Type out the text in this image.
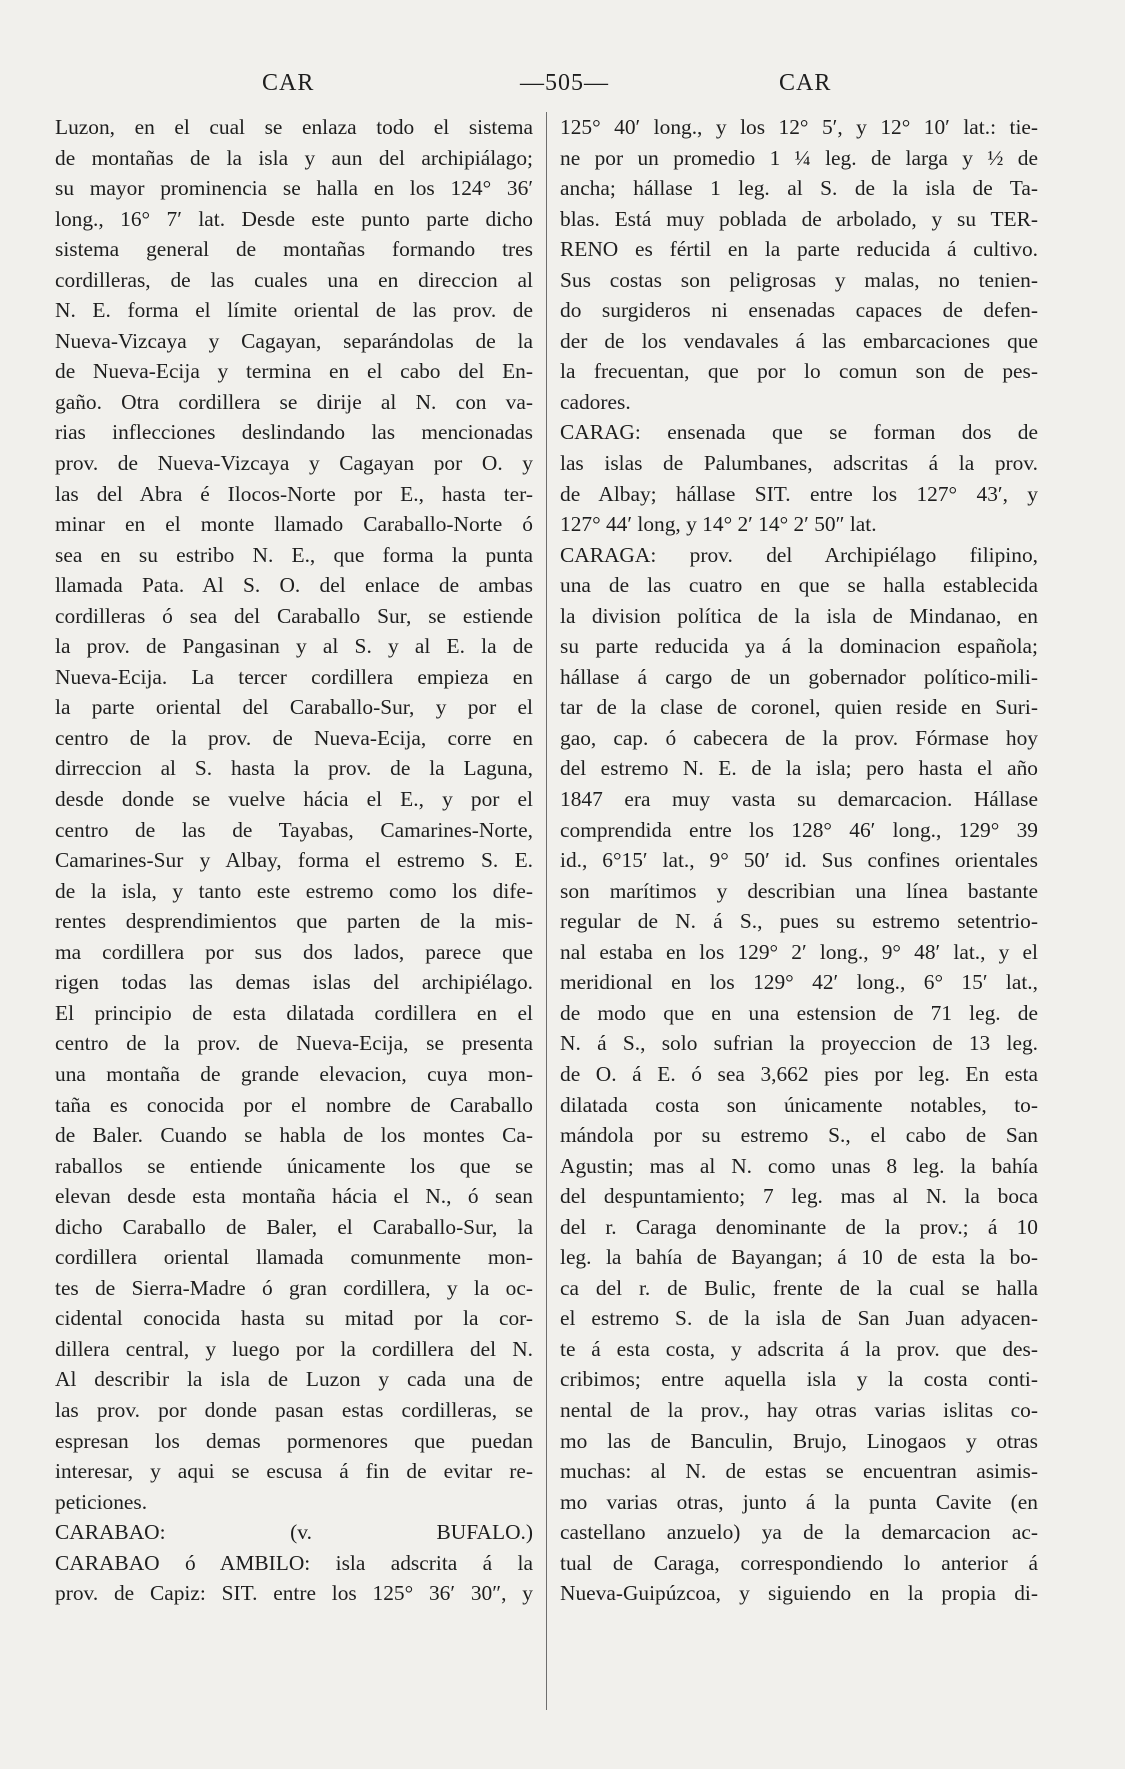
CAR	—505—	CAR
Luzon, en el cual se enlaza todo el sistema
de montañas de la isla y aun del archipiálago;
su mayor prominencia se halla en los 124° 36′
long., 16° 7′ lat. Desde este punto parte dicho
sistema general de montañas formando tres
cordilleras, de las cuales una en direccion al
N. E. forma el límite oriental de las prov. de
Nueva-Vizcaya y Cagayan, separándolas de la
de Nueva-Ecija y termina en el cabo del En-
gaño. Otra cordillera se dirije al N. con va-
rias inflecciones deslindando las mencionadas
prov. de Nueva-Vizcaya y Cagayan por O. y
las del Abra é Ilocos-Norte por E., hasta ter-
minar en el monte llamado Caraballo-Norte ó
sea en su estribo N. E., que forma la punta
llamada Pata. Al S. O. del enlace de ambas
cordilleras ó sea del Caraballo Sur, se estiende
la prov. de Pangasinan y al S. y al E. la de
Nueva-Ecija. La tercer cordillera empieza en
la parte oriental del Caraballo-Sur, y por el
centro de la prov. de Nueva-Ecija, corre en
dirreccion al S. hasta la prov. de la Laguna,
desde donde se vuelve hácia el E., y por el
centro de las de Tayabas, Camarines-Norte,
Camarines-Sur y Albay, forma el estremo S. E.
de la isla, y tanto este estremo como los dife-
rentes desprendimientos que parten de la mis-
ma cordillera por sus dos lados, parece que
rigen todas las demas islas del archipiélago.
El principio de esta dilatada cordillera en el
centro de la prov. de Nueva-Ecija, se presenta
una montaña de grande elevacion, cuya mon-
taña es conocida por el nombre de Caraballo
de Baler. Cuando se habla de los montes Ca-
raballos se entiende únicamente los que se
elevan desde esta montaña hácia el N., ó sean
dicho Caraballo de Baler, el Caraballo-Sur, la
cordillera oriental llamada comunmente mon-
tes de Sierra-Madre ó gran cordillera, y la oc-
cidental conocida hasta su mitad por la cor-
dillera central, y luego por la cordillera del N.
Al describir la isla de Luzon y cada una de
las prov. por donde pasan estas cordilleras, se
espresan los demas pormenores que puedan
interesar, y aqui se escusa á fin de evitar re-
peticiones.
CARABAO: (v. BUFALO.)
CARABAO ó AMBILO: isla adscrita á la
prov. de Capiz: SIT. entre los 125° 36′ 30″, y
125° 40′ long., y los 12° 5′, y 12° 10′ lat.: tie-
ne por un promedio 1 ¼ leg. de larga y ½ de
ancha; hállase 1 leg. al S. de la isla de Ta-
blas. Está muy poblada de arbolado, y su TER-
RENO es fértil en la parte reducida á cultivo.
Sus costas son peligrosas y malas, no tenien-
do surgideros ni ensenadas capaces de defen-
der de los vendavales á las embarcaciones que
la frecuentan, que por lo comun son de pes-
cadores.
CARAG: ensenada que se forman dos de
las islas de Palumbanes, adscritas á la prov.
de Albay; hállase SIT. entre los 127° 43′, y
127° 44′ long, y 14° 2′ 14° 2′ 50″ lat.
CARAGA: prov. del Archipiélago filipino,
una de las cuatro en que se halla establecida
la division política de la isla de Mindanao, en
su parte reducida ya á la dominacion española;
hállase á cargo de un gobernador político-mili-
tar de la clase de coronel, quien reside en Suri-
gao, cap. ó cabecera de la prov. Fórmase hoy
del estremo N. E. de la isla; pero hasta el año
1847 era muy vasta su demarcacion. Hállase
comprendida entre los 128° 46′ long., 129° 39
id., 6°15′ lat., 9° 50′ id. Sus confines orientales
son marítimos y describian una línea bastante
regular de N. á S., pues su estremo setentrio-
nal estaba en los 129° 2′ long., 9° 48′ lat., y el
meridional en los 129° 42′ long., 6° 15′ lat.,
de modo que en una estension de 71 leg. de
N. á S., solo sufrian la proyeccion de 13 leg.
de O. á E. ó sea 3,662 pies por leg. En esta
dilatada costa son únicamente notables, to-
mándola por su estremo S., el cabo de San
Agustin; mas al N. como unas 8 leg. la bahía
del despuntamiento; 7 leg. mas al N. la boca
del r. Caraga denominante de la prov.; á 10
leg. la bahía de Bayangan; á 10 de esta la bo-
ca del r. de Bulic, frente de la cual se halla
el estremo S. de la isla de San Juan adyacen-
te á esta costa, y adscrita á la prov. que des-
cribimos; entre aquella isla y la costa conti-
nental de la prov., hay otras varias islitas co-
mo las de Banculin, Brujo, Linogaos y otras
muchas: al N. de estas se encuentran asimis-
mo varias otras, junto á la punta Cavite (en
castellano anzuelo) ya de la demarcacion ac-
tual de Caraga, correspondiendo lo anterior á
Nueva-Guipúzcoa, y siguiendo en la propia di-
